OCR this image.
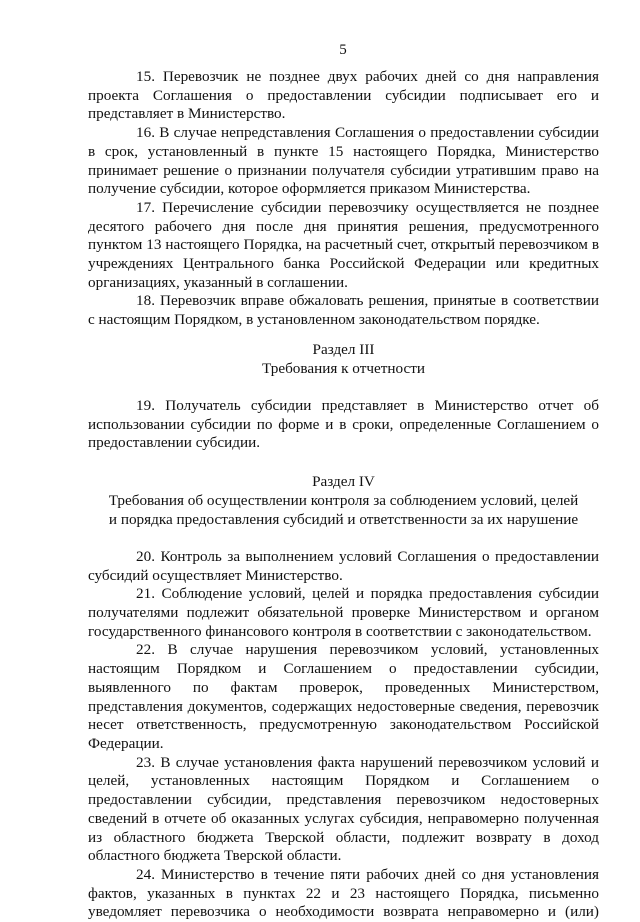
5

15. Перевозчик не позднее двух рабочих дней со дня направления проекта Соглашения о предоставлении субсидии подписывает его и представляет в Министерство.

16. В случае непредставления Соглашения о предоставлении субсидии в срок, установленный в пункте 15 настоящего Порядка, Министерство принимает решение о признании получателя субсидии утратившим право на получение субсидии, которое оформляется приказом Министерства.

17. Перечисление субсидии перевозчику осуществляется не позднее десятого рабочего дня после дня принятия решения, предусмотренного пунктом 13 настоящего Порядка, на расчетный счет, открытый перевозчиком в учреждениях Центрального банка Российской Федерации или кредитных организациях, указанный в соглашении.

18. Перевозчик вправе обжаловать решения, принятые в соответствии с настоящим Порядком, в установленном законодательством порядке.

Раздел III
Требования к отчетности

19. Получатель субсидии представляет в Министерство отчет об использовании субсидии по форме и в сроки, определенные Соглашением о предоставлении субсидии.

Раздел IV
Требования об осуществлении контроля за соблюдением условий, целей
и порядка предоставления субсидий и ответственности за их нарушение

20. Контроль за выполнением условий Соглашения о предоставлении субсидий осуществляет Министерство.

21. Соблюдение условий, целей и порядка предоставления субсидии получателями подлежит обязательной проверке Министерством и органом государственного финансового контроля в соответствии с законодательством.

22. В случае нарушения перевозчиком условий, установленных настоящим Порядком и Соглашением о предоставлении субсидии, выявленного по фактам проверок, проведенных Министерством, представления документов, содержащих недостоверные сведения, перевозчик несет ответственность, предусмотренную законодательством Российской Федерации.

23. В случае установления факта нарушений перевозчиком условий и целей, установленных настоящим Порядком и Соглашением о предоставлении субсидии, представления перевозчиком недостоверных сведений в отчете об оказанных услугах субсидия, неправомерно полученная из областного бюджета Тверской области, подлежит возврату в доход областного бюджета Тверской области.

24. Министерство в течение пяти рабочих дней со дня установления фактов, указанных в пунктах 22 и 23 настоящего Порядка, письменно уведомляет перевозчика о необходимости возврата неправомерно и (или)
